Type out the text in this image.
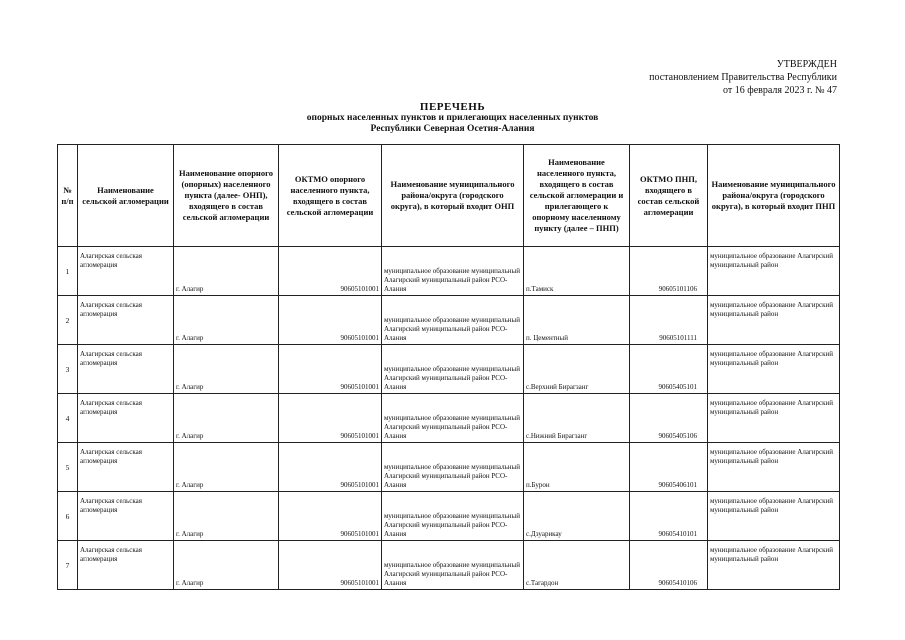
УТВЕРЖДЕН
постановлением Правительства Республики
от 16 февраля 2023 г. № 47
ПЕРЕЧЕНЬ
опорных населенных пунктов и прилегающих населенных пунктов
Республики Северная Осетия-Алания
№ п/п	Наименование сельской агломерации	Наименование опорного (опорных) населенного пункта (далее- ОНП), входящего в состав сельской агломерации	ОКТМО опорного населенного пункта, входящего в состав сельской агломерации	Наименование муниципального района/округа (городского округа), в который входит ОНП	Наименование населенного пункта, входящего в состав сельской агломерации и прилегающего к опорному населенному пункту (далее – ПНП)	ОКТМО ПНП, входящего в состав сельской агломерации	Наименование муниципального района/округа (городского округа), в который входит ПНП
1	Алагирская сельская агломерация	г. Алагир	90605101001	муниципальное образование муниципальный Алагирский муниципальный район РСО-Алания	п.Тамиск	90605101106	муниципальное образование Алагирский муниципальный район
2	Алагирская сельская агломерация	г. Алагир	90605101001	муниципальное образование муниципальный Алагирский муниципальный район РСО-Алания	п. Цементный	90605101111	муниципальное образование Алагирский муниципальный район
3	Алагирская сельская агломерация	г. Алагир	90605101001	муниципальное образование муниципальный Алагирский муниципальный район РСО-Алания	с.Верхний Бирагзанг	90605405101	муниципальное образование Алагирский муниципальный район
4	Алагирская сельская агломерация	г. Алагир	90605101001	муниципальное образование муниципальный Алагирский муниципальный район РСО-Алания	с.Нижний Бирагзанг	90605405106	муниципальное образование Алагирский муниципальный район
5	Алагирская сельская агломерация	г. Алагир	90605101001	муниципальное образование муниципальный Алагирский муниципальный район РСО-Алания	п.Бурон	90605406101	муниципальное образование Алагирский муниципальный район
6	Алагирская сельская агломерация	г. Алагир	90605101001	муниципальное образование муниципальный Алагирский муниципальный район РСО-Алания	с.Дзуарикау	90605410101	муниципальное образование Алагирский муниципальный район
7	Алагирская сельская агломерация	г. Алагир	90605101001	муниципальное образование муниципальный Алагирский муниципальный район РСО-Алания	с.Тагардон	90605410106	муниципальное образование Алагирский муниципальный район
